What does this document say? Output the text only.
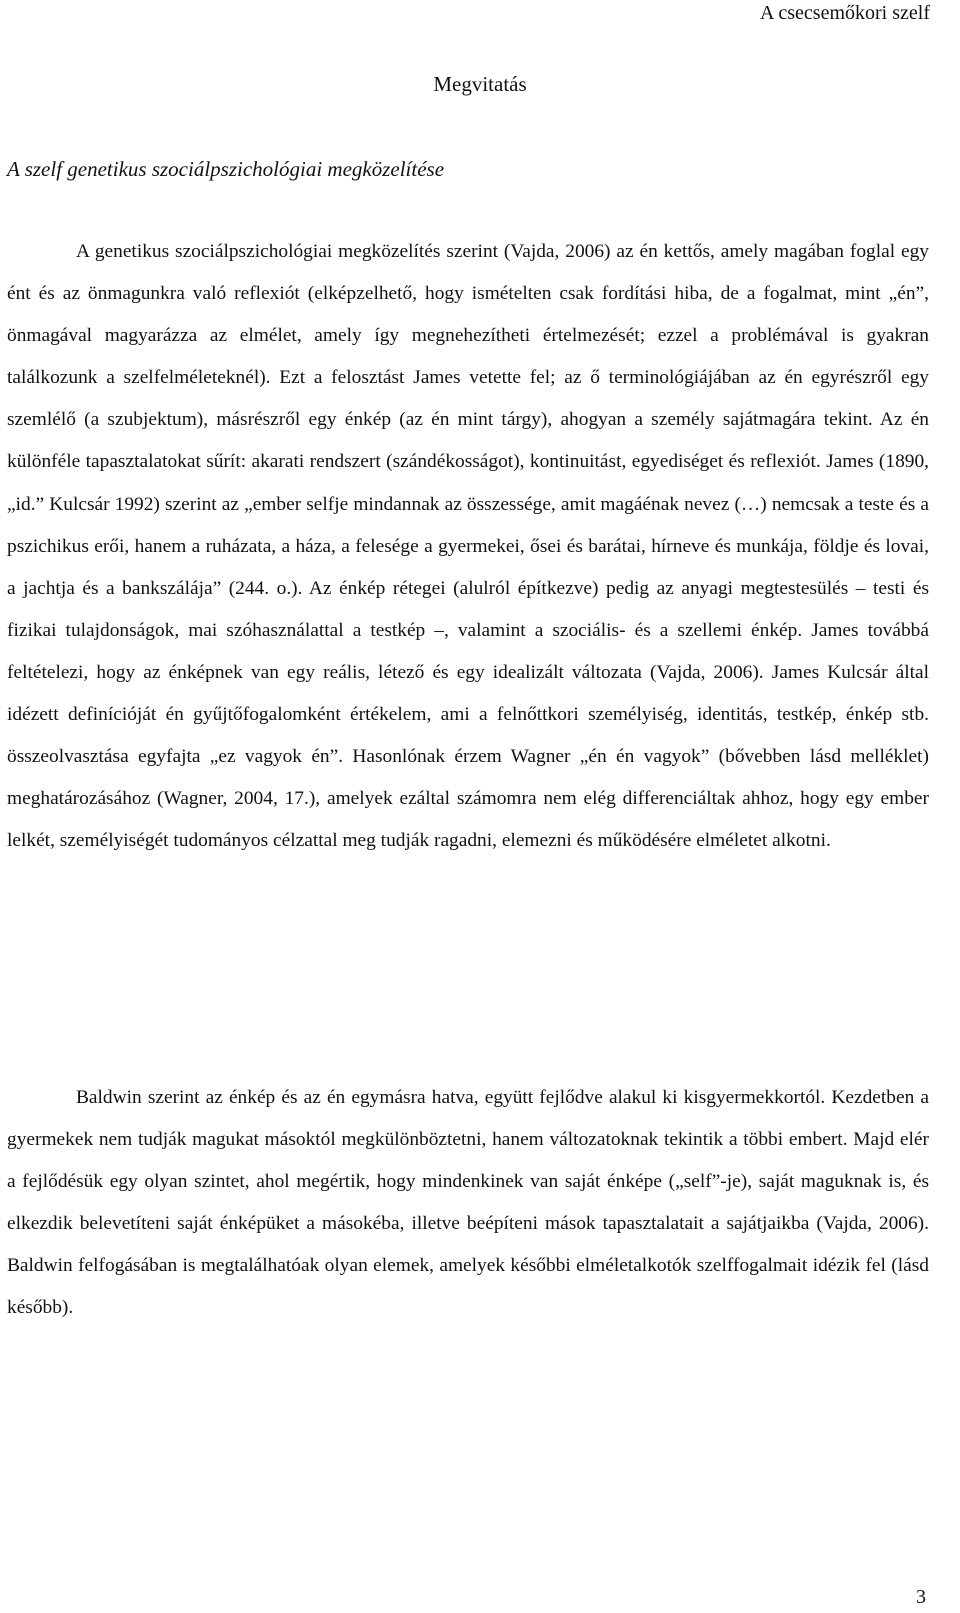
A csecsemőkori szelf
Megvitatás
A szelf genetikus szociálpszichológiai megközelítése

A genetikus szociálpszichológiai megközelítés szerint (Vajda, 2006) az én kettős, amely magában foglal egy ént és az önmagunkra való reflexiót (elképzelhető, hogy ismételten csak fordítási hiba, de a fogalmat, mint „én”, önmagával magyarázza az elmélet, amely így megnehezítheti értelmezését; ezzel a problémával is gyakran találkozunk a szelfelméleteknél). Ezt a felosztást James vetette fel; az ő terminológiájában az én egyrészről egy szemlélő (a szubjektum), másrészről egy énkép (az én mint tárgy), ahogyan a személy sajátmagára tekint. Az én különféle tapasztalatokat sűrít: akarati rendszert (szándékosságot), kontinuitást, egyediséget és reflexiót. James (1890, „id.” Kulcsár 1992) szerint az „ember selfje mindannak az összessége, amit magáénak nevez (…) nemcsak a teste és a pszichikus erői, hanem a ruházata, a háza, a felesége a gyermekei, ősei és barátai, hírneve és munkája, földje és lovai, a jachtja és a bankszálája” (244. o.). Az énkép rétegei (alulról építkezve) pedig az anyagi megtestesülés – testi és fizikai tulajdonságok, mai szóhasználattal a testkép –, valamint a szociális- és a szellemi énkép. James továbbá feltételezi, hogy az énképnek van egy reális, létező és egy idealizált változata (Vajda, 2006). James Kulcsár által idézett definícióját én gyűjtőfogalomként értékelem, ami a felnőttkori személyiség, identitás, testkép, énkép stb. összeolvasztása egyfajta „ez vagyok én”. Hasonlónak érzem Wagner „én én vagyok” (bővebben lásd melléklet) meghatározásához (Wagner, 2004, 17.), amelyek ezáltal számomra nem elég differenciáltak ahhoz, hogy egy ember lelkét, személyiségét tudományos célzattal meg tudják ragadni, elemezni és működésére elméletet alkotni.

Baldwin szerint az énkép és az én egymásra hatva, együtt fejlődve alakul ki kisgyermekkortól. Kezdetben a gyermekek nem tudják magukat másoktól megkülönböztetni, hanem változatoknak tekintik a többi embert. Majd elér a fejlődésük egy olyan szintet, ahol megértik, hogy mindenkinek van saját énképe („self”-je), saját maguknak is, és elkezdik belevetíteni saját énképüket a másokéba, illetve beépíteni mások tapasztalatait a sajátjaikba (Vajda, 2006). Baldwin felfogásában is megtalálhatóak olyan elemek, amelyek későbbi elméletalkotók szelffogalmait idézik fel (lásd később).

3
